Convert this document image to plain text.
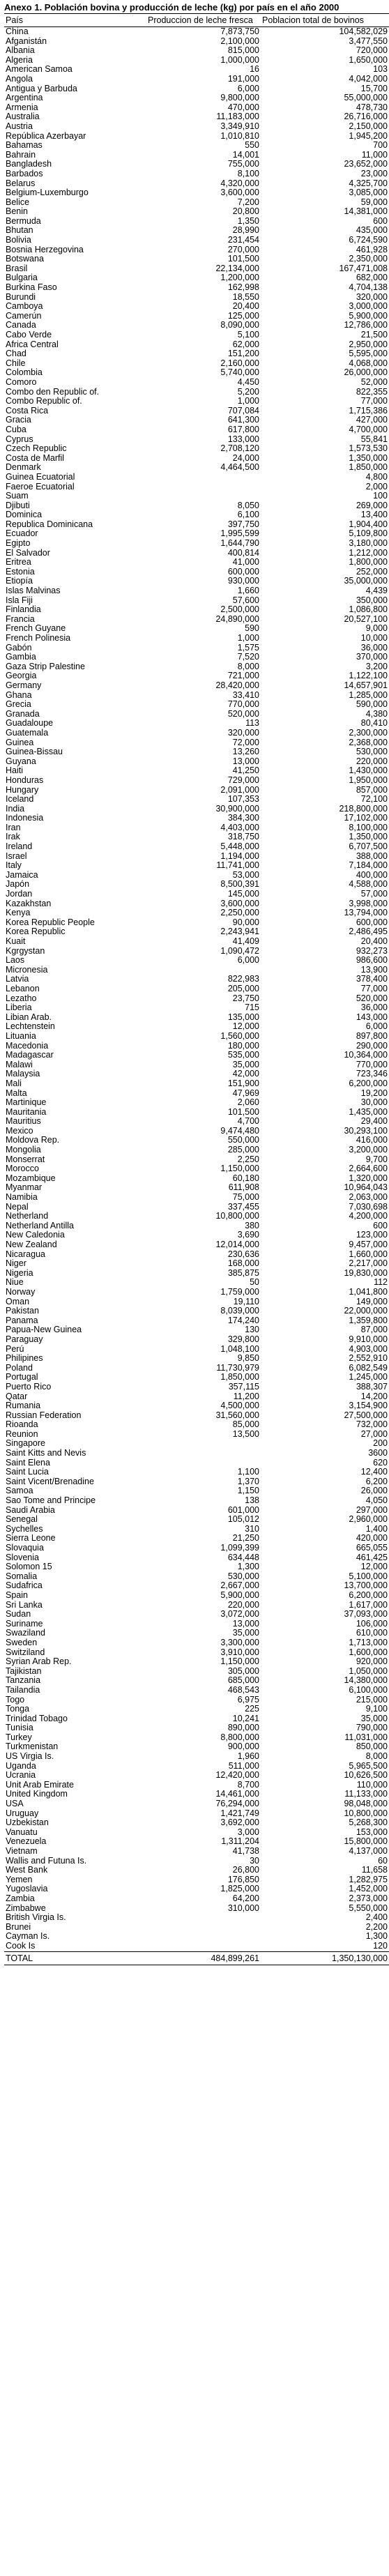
Anexo 1. Población bovina y producción de leche (kg) por país en el año 2000
País	Produccion de leche fresca	Poblacion total de bovinos
China	7,873,750	104,582,029
Afganistán	2,100,000	3,477,550
Albania	815,000	720,000
Algeria	1,000,000	1,650,000
American Samoa	16	103
Angola	191,000	4,042,000
Antigua y Barbuda	6,000	15,700
Argentina	9,800,000	55,000,000
Armenia	470,000	478,730
Australia	11,183,000	26,716,000
Austria	3,349,910	2,150,000
República Azerbayar	1,010,810	1,945,200
Bahamas	550	700
Bahrain	14,001	11,000
Bangladesh	755,000	23,652,000
Barbados	8,100	23,000
Belarus	4,320,000	4,325,700
Belgium-Luxemburgo	3,600,000	3,085,000
Belice	7,200	59,000
Benin	20,800	14,381,000
Bermuda	1,350	600
Bhutan	28,990	435,000
Bolivia	231,454	6,724,590
Bosnia Herzegovina	270,000	461,928
Botswana	101,500	2,350,000
Brasil	22,134,000	167,471,008
Bulgaria	1,200,000	682,000
Burkina Faso	162,998	4,704,138
Burundi	18,550	320,000
Camboya	20,400	3,000,000
Camerún	125,000	5,900,000
Canada	8,090,000	12,786,000
Cabo Verde	5,100	21,500
Africa Central	62,000	2,950,000
Chad	151,200	5,595,000
Chile	2,160,000	4,068,000
Colombia	5,740,000	26,000,000
Comoro	4,450	52,000
Combo den Republic of.	5,200	822,355
Combo Republic of.	1,000	77,000
Costa Rica	707,084	1,715,386
Gracia	641,300	427,000
Cuba	617,800	4,700,000
Cyprus	133,000	55,841
Czech Republic	2,708,120	1,573,530
Costa de Marfil	24,000	1,350,000
Denmark	4,464,500	1,850,000
Guinea Ecuatorial		4,800
Faeroe Ecuatorial		2,000
Suam		100
Djibuti	8,050	269,000
Dominica	6,100	13,400
Republica Dominicana	397,750	1,904,400
Ecuador	1,995,599	5,109,800
Egipto	1,644,790	3,180,000
El Salvador	400,814	1,212,000
Eritrea	41,000	1,800,000
Estonia	600,000	252,000
Etiopía	930,000	35,000,000
Islas Malvinas	1,660	4,439
Isla Fiji	57,600	350,000
Finlandia	2,500,000	1,086,800
Francia	24,890,000	20,527,100
French Guyane	590	9,000
French Polinesia	1,000	10,000
Gabón	1,575	36,000
Gambia	7,520	370,000
Gaza Strip Palestine	8,000	3,200
Georgia	721,000	1,122,100
Germany	28,420,000	14,657,901
Ghana	33,410	1,285,000
Grecia	770,000	590,000
Granada	520,000	4,380
Guadaloupe	113	80,410
Guatemala	320,000	2,300,000
Guinea	72,000	2,368,000
Guinea-Bissau	13,260	530,000
Guyana	13,000	220,000
Haiti	41,250	1,430,000
Honduras	729,000	1,950,000
Hungary	2,091,000	857,000
Iceland	107,353	72,100
India	30,900,000	218,800,000
Indonesia	384,300	17,102,000
Iran	4,403,000	8,100,000
Irak	318,750	1,350,000
Ireland	5,448,000	6,707,500
Israel	1,194,000	388,000
Italy	11,741,000	7,184,000
Jamaica	53,000	400,000
Japón	8,500,391	4,588,000
Jordan	145,000	57,000
Kazakhstan	3,600,000	3,998,000
Kenya	2,250,000	13,794,000
Korea Republic People	90,000	600,000
Korea Republic	2,243,941	2,486,495
Kuait	41,409	20,400
Kgrgystan	1,090,472	932,273
Laos	6,000	986,600
Micronesia		13,900
Latvia	822,983	378,400
Lebanon	205,000	77,000
Lezatho	23,750	520,000
Liberia	715	36,000
Libian Arab.	135,000	143,000
Lechtenstein	12,000	6,000
Lituania	1,560,000	897,800
Macedonia	180,000	290,000
Madagascar	535,000	10,364,000
Malawi	35,000	770,000
Malaysia	42,000	723,346
Mali	151,900	6,200,000
Malta	47,969	19,200
Martinique	2,060	30,000
Mauritania	101,500	1,435,000
Mauritius	4,700	29,400
Mexico	9,474,480	30,293,100
Moldova Rep.	550,000	416,000
Mongolia	285,000	3,200,000
Monserrat	2,250	9,700
Morocco	1,150,000	2,664,600
Mozambique	60,180	1,320,000
Myanmar	611,908	10,964,043
Namibia	75,000	2,063,000
Nepal	337,455	7,030,698
Netherland	10,800,000	4,200,000
Netherland Antilla	380	600
New Caledonia	3,690	123,000
New Zealand	12,014,000	9,457,000
Nicaragua	230,636	1,660,000
Niger	168,000	2,217,000
Nigeria	385,875	19,830,000
Niue	50	112
Norway	1,759,000	1,041,800
Oman	19,110	149,000
Pakistan	8,039,000	22,000,000
Panama	174,240	1,359,800
Papua-New Guinea	130	87,000
Paraguay	329,800	9,910,000
Perú	1,048,100	4,903,000
Philipines	9,850	2,552,910
Poland	11,730,979	6,082,549
Portugal	1,850,000	1,245,000
Puerto Rico	357,115	388,307
Qatar	11,200	14,200
Rumania	4,500,000	3,154,900
Russian Federation	31,560,000	27,500,000
Rioanda	85,000	732,000
Reunion	13,500	27,000
Singapore		200
Saint Kitts and Nevis		3600
Saint Elena		620
Saint Lucia	1,100	12,400
Saint Vicent/Brenadine	1,370	6,200
Samoa	1,150	26,000
Sao Tome and Principe	138	4,050
Saudi Arabia	601,000	297,000
Senegal	105,012	2,960,000
Sychelles	310	1,400
Sierra Leone	21,250	420,000
Slovaquia	1,099,399	665,055
Slovenia	634,448	461,425
Solomon 15	1,300	12,000
Somalia	530,000	5,100,000
Sudafrica	2,667,000	13,700,000
Spain	5,900,000	6,200,000
Sri Lanka	220,000	1,617,000
Sudan	3,072,000	37,093,000
Suriname	13,000	106,000
Swaziland	35,000	610,000
Sweden	3,300,000	1,713,000
Switziland	3,910,000	1,600,000
Syrian Arab Rep.	1,150,000	920,000
Tajikistan	305,000	1,050,000
Tanzania	685,000	14,380,000
Tailandia	468,543	6,100,000
Togo	6,975	215,000
Tonga	225	9,100
Trinidad Tobago	10,241	35,000
Tunisia	890,000	790,000
Turkey	8,800,000	11,031,000
Turkmenistan	900,000	850,000
US Virgia Is.	1,960	8,000
Uganda	511,000	5,965,500
Ucrania	12,420,000	10,626,500
Unit Arab Emirate	8,700	110,000
United Kingdom	14,461,000	11,133,000
USA	76,294,000	98,048,000
Uruguay	1,421,749	10,800,000
Uzbekistan	3,692,000	5,268,300
Vanuatu	3,000	153,000
Venezuela	1,311,204	15,800,000
Vietnam	41,738	4,137,000
Wallis and Futuna Is.	30	60
West Bank	26,800	11,658
Yemen	176,850	1,282,975
Yugoslavia	1,825,000	1,452,000
Zambia	64,200	2,373,000
Zimbabwe	310,000	5,550,000
British Virgia Is.		2,400
Brunei		2,200
Cayman Is.		1,300
Cook Is		120
TOTAL	484,899,261	1,350,130,000
